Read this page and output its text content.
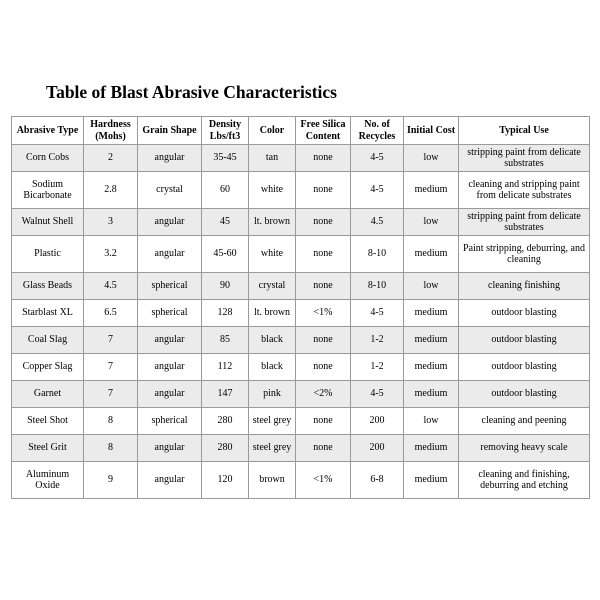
Table of Blast Abrasive Characteristics
Abrasive Type	Hardness (Mohs)	Grain Shape	Density Lbs/ft3	Color	Free Silica Content	No. of Recycles	Initial Cost	Typical Use
Corn Cobs	2	angular	35-45	tan	none	4-5	low	stripping paint from delicate substrates
Sodium Bicarbonate	2.8	crystal	60	white	none	4-5	medium	cleaning and stripping paint from delicate substrates
Walnut Shell	3	angular	45	lt. brown	none	4.5	low	stripping paint from delicate substrates
Plastic	3.2	angular	45-60	white	none	8-10	medium	Paint stripping, deburring, and cleaning
Glass Beads	4.5	spherical	90	crystal	none	8-10	low	cleaning finishing
Starblast XL	6.5	spherical	128	lt. brown	<1%	4-5	medium	outdoor blasting
Coal Slag	7	angular	85	black	none	1-2	medium	outdoor blasting
Copper Slag	7	angular	112	black	none	1-2	medium	outdoor blasting
Garnet	7	angular	147	pink	<2%	4-5	medium	outdoor blasting
Steel Shot	8	spherical	280	steel grey	none	200	low	cleaning and peening
Steel Grit	8	angular	280	steel grey	none	200	medium	removing heavy scale
Aluminum Oxide	9	angular	120	brown	<1%	6-8	medium	cleaning and finishing, deburring and etching
